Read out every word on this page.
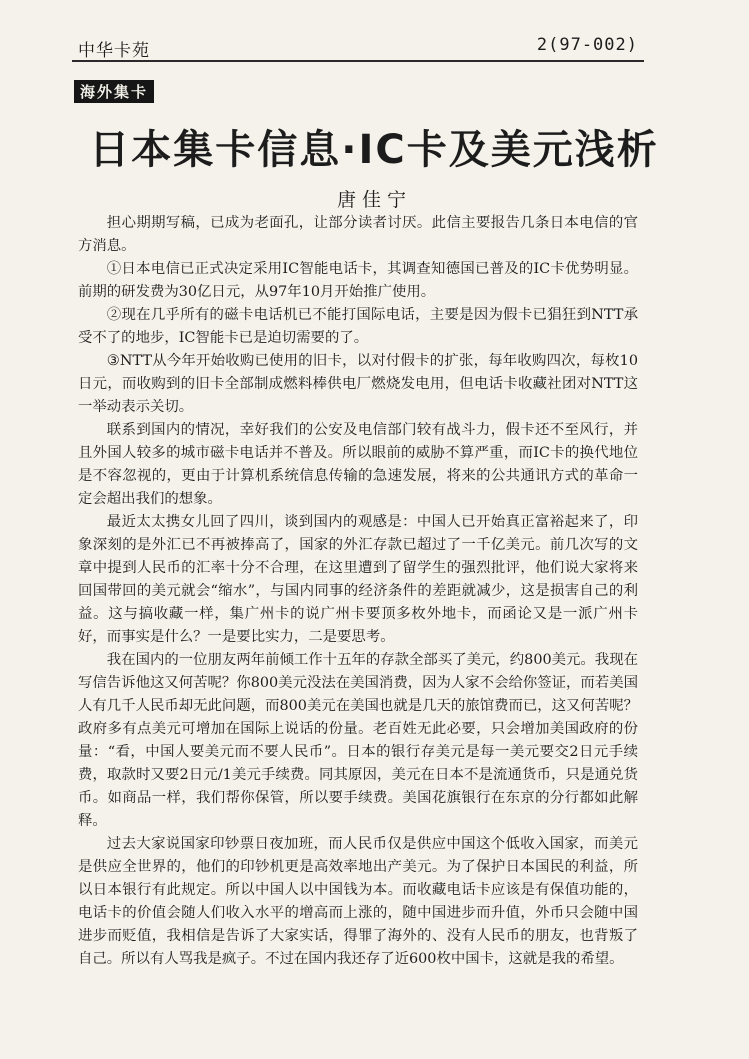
中华卡苑	2(97-002)
海外集卡
日本集卡信息·IC卡及美元浅析
唐佳宁

担心期期写稿，已成为老面孔，让部分读者讨厌。此信主要报告几条日本电信的官方消息。

①日本电信已正式决定采用IC智能电话卡，其调查知德国已普及的IC卡优势明显。前期的研发费为30亿日元，从97年10月开始推广使用。

②现在几乎所有的磁卡电话机已不能打国际电话，主要是因为假卡已猖狂到NTT承受不了的地步，IC智能卡已是迫切需要的了。

③NTT从今年开始收购已使用的旧卡，以对付假卡的扩张，每年收购四次，每枚10日元，而收购到的旧卡全部制成燃料棒供电厂燃烧发电用，但电话卡收藏社团对NTT这一举动表示关切。

联系到国内的情况，幸好我们的公安及电信部门较有战斗力，假卡还不至风行，并且外国人较多的城市磁卡电话并不普及。所以眼前的威胁不算严重，而IC卡的换代地位是不容忽视的，更由于计算机系统信息传输的急速发展，将来的公共通讯方式的革命一定会超出我们的想象。

最近太太携女儿回了四川，谈到国内的观感是：中国人已开始真正富裕起来了，印象深刻的是外汇已不再被捧高了，国家的外汇存款已超过了一千亿美元。前几次写的文章中提到人民币的汇率十分不合理，在这里遭到了留学生的强烈批评，他们说大家将来回国带回的美元就会“缩水”，与国内同事的经济条件的差距就减少，这是损害自己的利益。这与搞收藏一样，集广州卡的说广州卡要顶多枚外地卡，而函论又是一派广州卡好，而事实是什么？一是要比实力，二是要思考。

我在国内的一位朋友两年前倾工作十五年的存款全部买了美元，约800美元。我现在写信告诉他这又何苦呢？你800美元没法在美国消费，因为人家不会给你签证，而若美国人有几千人民币却无此问题，而800美元在美国也就是几天的旅馆费而已，这又何苦呢？政府多有点美元可增加在国际上说话的份量。老百姓无此必要，只会增加美国政府的份量：“看，中国人要美元而不要人民币”。日本的银行存美元是每一美元要交2日元手续费，取款时又要2日元/1美元手续费。同其原因，美元在日本不是流通货币，只是通兑货币。如商品一样，我们帮你保管，所以要手续费。美国花旗银行在东京的分行都如此解释。

过去大家说国家印钞票日夜加班，而人民币仅是供应中国这个低收入国家，而美元是供应全世界的，他们的印钞机更是高效率地出产美元。为了保护日本国民的利益，所以日本银行有此规定。所以中国人以中国钱为本。而收藏电话卡应该是有保值功能的，电话卡的价值会随人们收入水平的增高而上涨的，随中国进步而升值，外币只会随中国进步而贬值，我相信是告诉了大家实话，得罪了海外的、没有人民币的朋友，也背叛了自己。所以有人骂我是疯子。不过在国内我还存了近600枚中国卡，这就是我的希望。
